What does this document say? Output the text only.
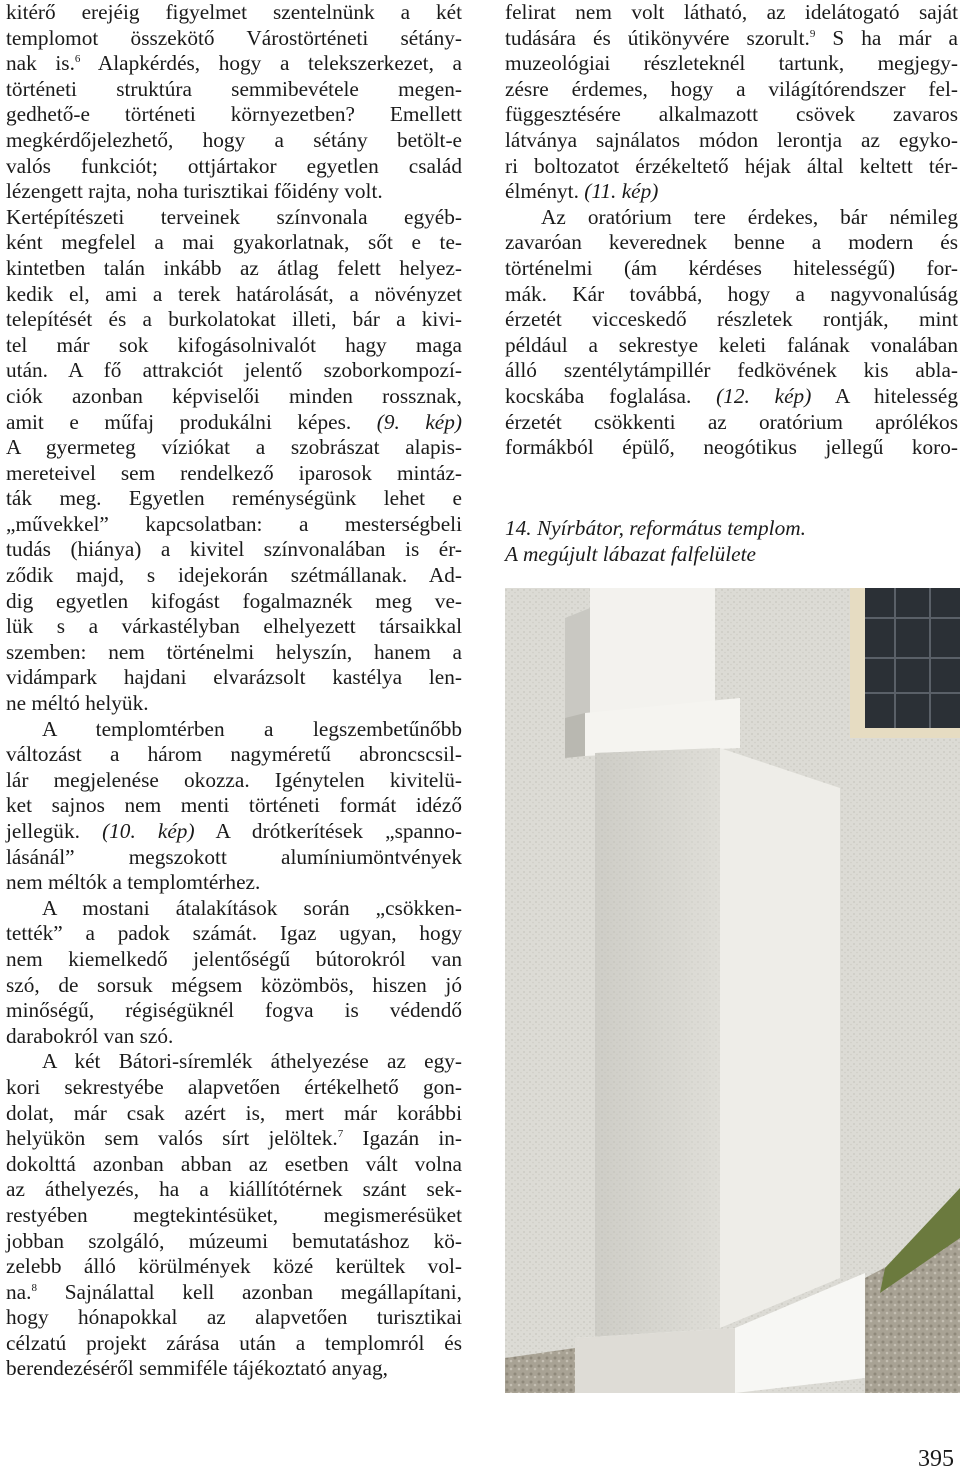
kitérő erejéig figyelmet szentelnünk a két
templomot összekötő Várostörténeti sétány-
nak is.$^6$ Alapkérdés, hogy a telekszerkezet, a
történeti struktúra semmibevétele megen-
gedhető-e történeti környezetben? Emellett
megkérdőjelezhető, hogy a sétány betölt-e
valós funkciót; ottjártakor egyetlen család
lézengett rajta, noha turisztikai főidény volt.
Kertépítészeti terveinek színvonala egyéb-
ként megfelel a mai gyakorlatnak, sőt e te-
kintetben talán inkább az átlag felett helyez-
kedik el, ami a terek határolását, a növényzet
telepítését és a burkolatokat illeti, bár a kivi-
tel már sok kifogásolnivalót hagy maga
után. A fő attrakciót jelentő szoborkompozí-
ciók azonban képviselői minden rossznak,
amit e műfaj produkálni képes. (9. kép)
A gyermeteg víziókat a szobrászat alapis-
mereteivel sem rendelkező iparosok mintáz-
ták meg. Egyetlen reménységünk lehet e
„művekkel” kapcsolatban: a mesterségbeli
tudás (hiánya) a kivitel színvonalában is ér-
ződik majd, s idejekorán szétmállanak. Ad-
dig egyetlen kifogást fogalmaznék meg ve-
lük s a várkastélyban elhelyezett társaikkal
szemben: nem történelmi helyszín, hanem a
vidámpark hajdani elvarázsolt kastélya len-
ne méltó helyük.
A templomtérben a legszembetűnőbb
változást a három nagyméretű abroncscsil-
lár megjelenése okozza. Igénytelen kivitelü-
ket sajnos nem menti történeti formát idéző
jellegük. (10. kép) A drótkerítések „spanno-
lásánál” megszokott alumíniumöntvények
nem méltók a templomtérhez.
A mostani átalakítások során „csökken-
tették” a padok számát. Igaz ugyan, hogy
nem kiemelkedő jelentőségű bútorokról van
szó, de sorsuk mégsem közömbös, hiszen jó
minőségű, régiségüknél fogva is védendő
darabokról van szó.
A két Bátori-síremlék áthelyezése az egy-
kori sekrestyébe alapvetően értékelhető gon-
dolat, már csak azért is, mert már korábbi
helyükön sem valós sírt jelöltek.$^7$ Igazán in-
dokolttá azonban abban az esetben vált volna
az áthelyezés, ha a kiállítótérnek szánt sek-
restyében megtekintésüket, megismerésüket
jobban szolgáló, múzeumi bemutatáshoz kö-
zelebb álló körülmények közé kerültek vol-
na.$^8$ Sajnálattal kell azonban megállapítani,
hogy hónapokkal az alapvetően turisztikai
célzatú projekt zárása után a templomról és
berendezéséről semmiféle tájékoztató anyag,
felirat nem volt látható, az idelátogató saját
tudására és útikönyvére szorult.$^9$ S ha már a
muzeológiai részleteknél tartunk, megjegy-
zésre érdemes, hogy a világítórendszer fel-
függesztésére alkalmazott csövek zavaros
látványa sajnálatos módon lerontja az egyko-
ri boltozatot érzékeltető héjak által keltett tér-
élményt. (11. kép)
Az oratórium tere érdekes, bár némileg
zavaróan keverednek benne a modern és
történelmi (ám kérdéses hitelességű) for-
mák. Kár továbbá, hogy a nagyvonalúság
érzetét vicceskedő részletek rontják, mint
például a sekrestye keleti falának vonalában
álló szentélytámpillér fedkövének kis abla-
kocskába foglalása. (12. kép) A hitelesség
érzetét csökkenti az oratórium aprólékos
formákból épülő, neogótikus jellegű koro-
14. Nyírbátor, református templom.
A megújult lábazat falfelülete
395
